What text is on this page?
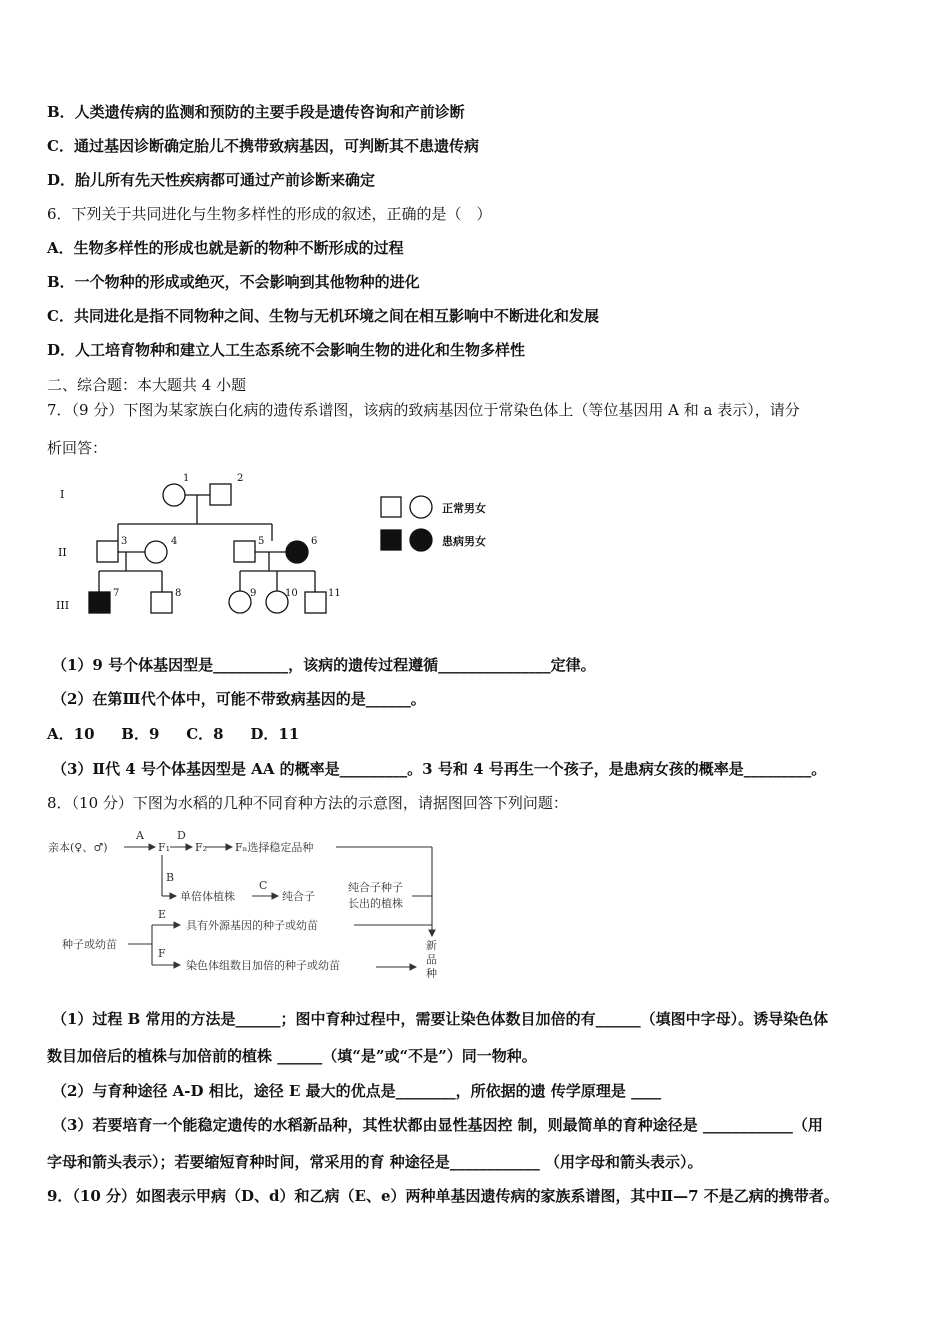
B．人类遗传病的监测和预防的主要手段是遗传咨询和产前诊断
C．通过基因诊断确定胎儿不携带致病基因，可判断其不患遗传病
D．胎儿所有先天性疾病都可通过产前诊断来确定
6．下列关于共同进化与生物多样性的形成的叙述，正确的是（　）
A．生物多样性的形成也就是新的物种不断形成的过程
B．一个物种的形成或绝灭，不会影响到其他物种的进化
C．共同进化是指不同物种之间、生物与无机环境之间在相互影响中不断进化和发展
D．人工培育物种和建立人工生态系统不会影响生物的进化和生物多样性
二、综合题：本大题共 4 小题
7．（9 分）下图为某家族白化病的遗传系谱图，该病的致病基因位于常染色体上（等位基因用 A 和 a 表示），请分
析回答：
1	2
3	4	5	6
7	8	9	10	11
I
II
III
正常男女
患病男女
（1）9 号个体基因型是__________，该病的遗传过程遵循_______________定律。
（2）在第Ⅲ代个体中，可能不带致病基因的是______。
A．10 B．9 C．8 D．11
（3）Ⅱ代 4 号个体基因型是 AA 的概率是_________。3 号和 4 号再生一个孩子，是患病女孩的概率是_________。
8．（10 分）下图为水稻的几种不同育种方法的示意图，请据图回答下列问题：
亲本(♀、♂)
A
F₁
D
F₂	Fₙ选择稳定品种
B
单倍体植株
C
纯合子
纯合子种子
长出的植株
E
具有外源基因的种子或幼苗
种子或幼苗
F
染色体组数目加倍的种子或幼苗
新
品
种
（1）过程 B 常用的方法是______；图中育种过程中，需要让染色体数目加倍的有______（填图中字母）。诱导染色体
数目加倍后的植株与加倍前的植株 ______（填“是”或“不是”）同一物种。
（2）与育种途径 A-D 相比，途径 E 最大的优点是________，所依据的遗 传学原理是 ____
（3）若要培育一个能稳定遗传的水稻新品种，其性状都由显性基因控 制，则最简单的育种途径是 ____________（用
字母和箭头表示）；若要缩短育种时间，常采用的育 种途径是____________ （用字母和箭头表示）。
9．（10 分）如图表示甲病（D、d）和乙病（E、e）两种单基因遗传病的家族系谱图，其中Ⅱ—7 不是乙病的携带者。
